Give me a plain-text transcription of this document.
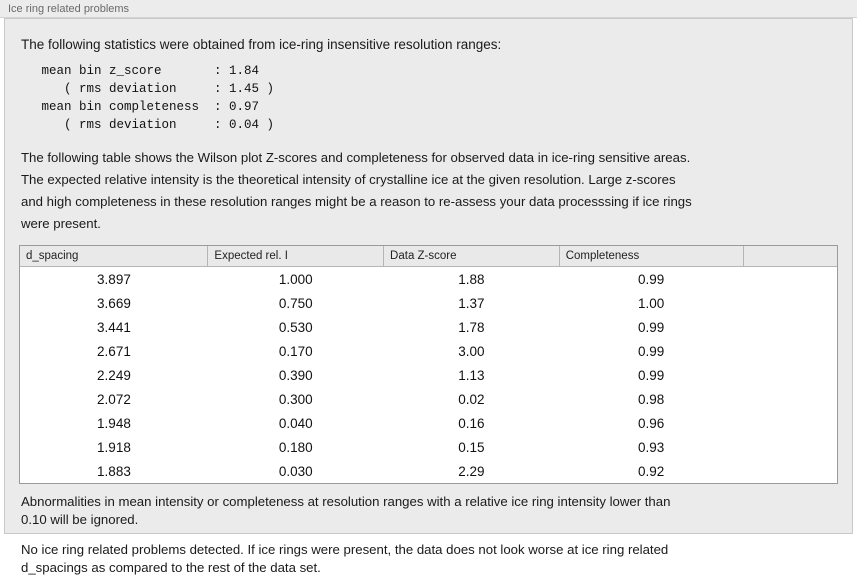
Ice ring related problems
The following statistics were obtained from ice-ring insensitive resolution ranges:
mean bin z_score       : 1.84
( rms deviation     : 1.45 )
mean bin completeness  : 0.97
( rms deviation     : 0.04 )
The following table shows the Wilson plot Z-scores and completeness for observed data in ice-ring sensitive areas.
The expected relative intensity is the theoretical intensity of crystalline ice at the given resolution. Large z-scores
and high completeness in these resolution ranges might be a reason to re-assess your data processsing if ice rings
were present.
d_spacing	Expected rel. I	Data Z-score	Completeness	
3.897	1.000	1.88	0.99	
3.669	0.750	1.37	1.00	
3.441	0.530	1.78	0.99	
2.671	0.170	3.00	0.99	
2.249	0.390	1.13	0.99	
2.072	0.300	0.02	0.98	
1.948	0.040	0.16	0.96	
1.918	0.180	0.15	0.93	
1.883	0.030	2.29	0.92	
Abnormalities in mean intensity or completeness at resolution ranges with a relative ice ring intensity lower than
0.10 will be ignored.
No ice ring related problems detected. If ice rings were present, the data does not look worse at ice ring related
d_spacings as compared to the rest of the data set.
